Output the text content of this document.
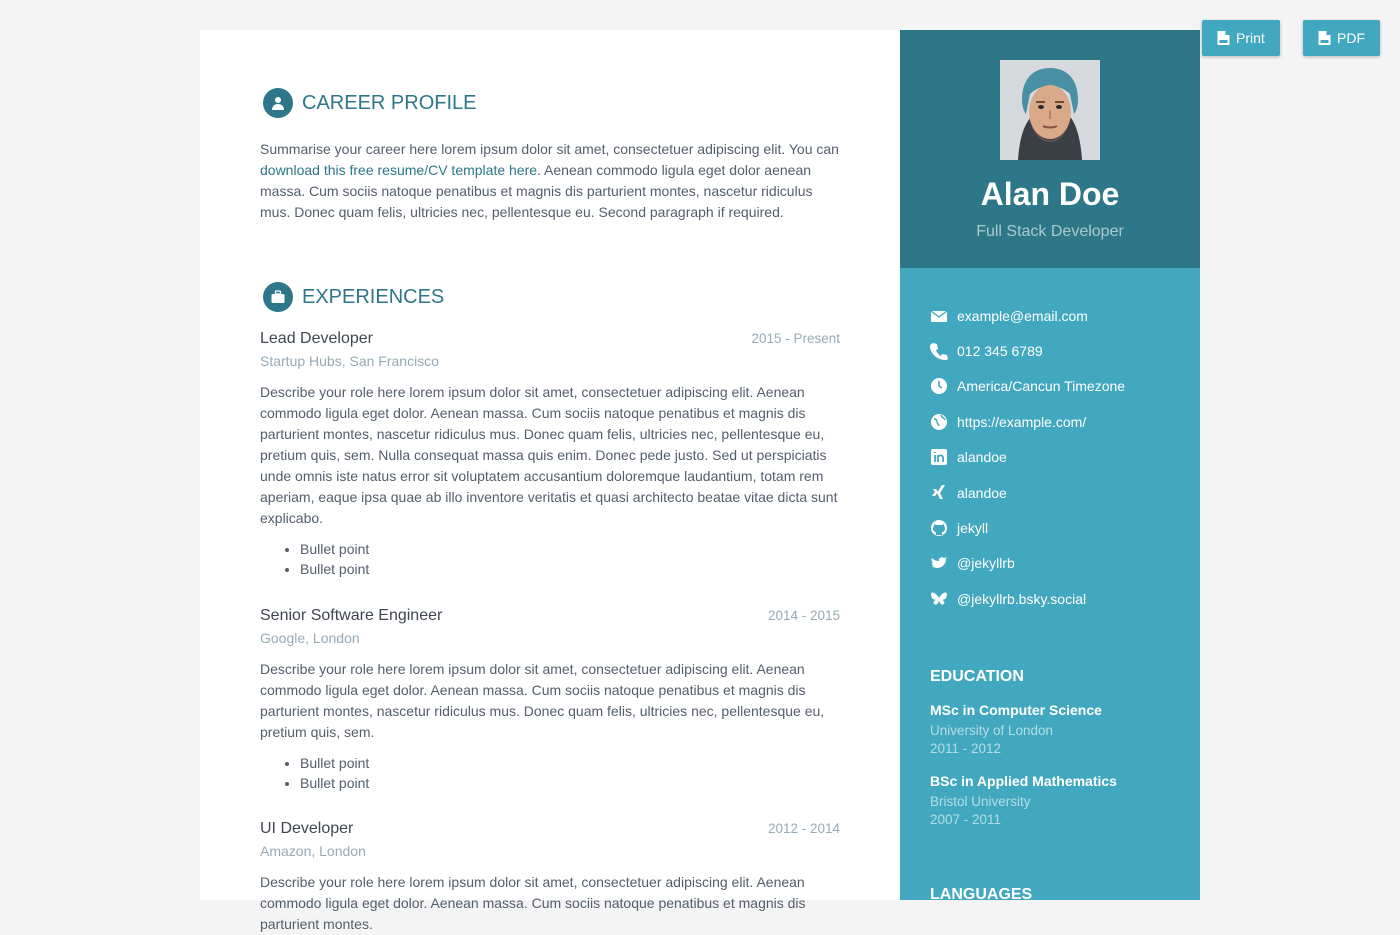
Print	PDF
CAREER PROFILE

Summarise your career here lorem ipsum dolor sit amet, consectetuer adipiscing elit. You can download this free resume/CV template here. Aenean commodo ligula eget dolor aenean massa. Cum sociis natoque penatibus et magnis dis parturient montes, nascetur ridiculus mus. Donec quam felis, ultricies nec, pellentesque eu. Second paragraph if required.

EXPERIENCES
Lead Developer	2015 - Present
Startup Hubs, San Francisco

Describe your role here lorem ipsum dolor sit amet, consectetuer adipiscing elit. Aenean commodo ligula eget dolor. Aenean massa. Cum sociis natoque penatibus et magnis dis parturient montes, nascetur ridiculus mus. Donec quam felis, ultricies nec, pellentesque eu, pretium quis, sem. Nulla consequat massa quis enim. Donec pede justo. Sed ut perspiciatis unde omnis iste natus error sit voluptatem accusantium doloremque laudantium, totam rem aperiam, eaque ipsa quae ab illo inventore veritatis et quasi architecto beatae vitae dicta sunt explicabo.

• Bullet point
• Bullet point
Senior Software Engineer	2014 - 2015
Google, London

Describe your role here lorem ipsum dolor sit amet, consectetuer adipiscing elit. Aenean commodo ligula eget dolor. Aenean massa. Cum sociis natoque penatibus et magnis dis parturient montes, nascetur ridiculus mus. Donec quam felis, ultricies nec, pellentesque eu, pretium quis, sem.

• Bullet point
• Bullet point
UI Developer	2012 - 2014
Amazon, London

Describe your role here lorem ipsum dolor sit amet, consectetuer adipiscing elit. Aenean commodo ligula eget dolor. Aenean massa. Cum sociis natoque penatibus et magnis dis parturient montes.

Alan Doe
Full Stack Developer
example@email.com
012 345 6789
America/Cancun Timezone
https://example.com/
alandoe
alandoe
jekyll
@jekyllrb
@jekyllrb.bsky.social
EDUCATION
MSc in Computer Science
University of London
2011 - 2012
BSc in Applied Mathematics
Bristol University
2007 - 2011
LANGUAGES
